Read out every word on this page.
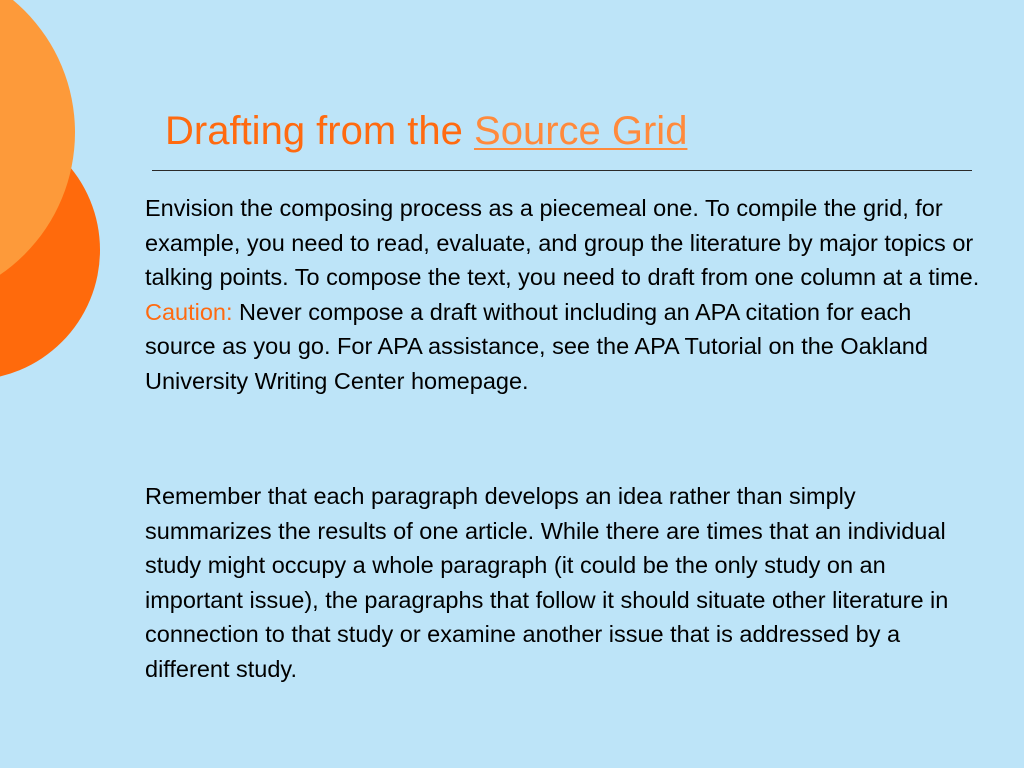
Drafting from the Source Grid

Envision the composing process as a piecemeal one. To compile the grid, for example, you need to read, evaluate, and group the literature by major topics or talking points. To compose the text, you need to draft from one column at a time. Caution: Never compose a draft without including an APA citation for each source as you go. For APA assistance, see the APA Tutorial on the Oakland University Writing Center homepage.

Remember that each paragraph develops an idea rather than simply summarizes the results of one article. While there are times that an individual study might occupy a whole paragraph (it could be the only study on an important issue), the paragraphs that follow it should situate other literature in connection to that study or examine another issue that is addressed by a different study.
